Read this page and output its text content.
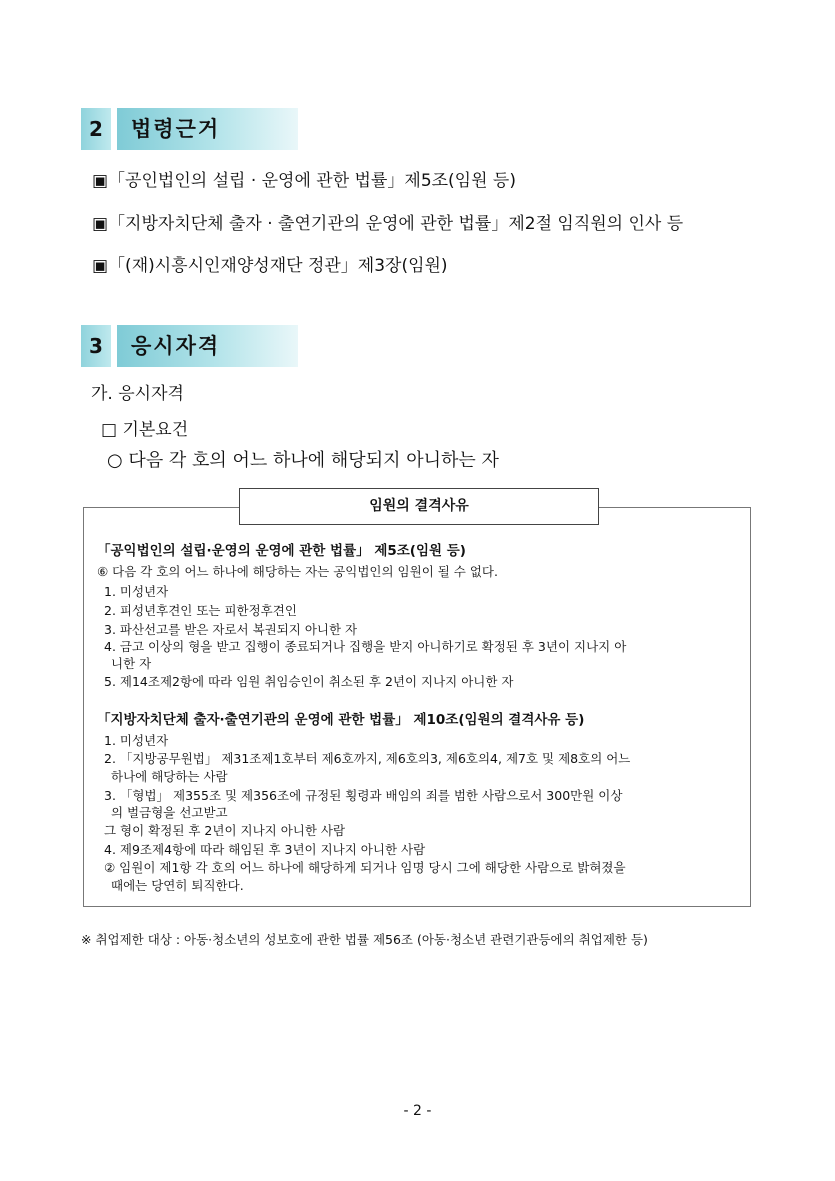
2	법령근거
▣「공인법인의 설립 · 운영에 관한 법률」제5조(임원 등)
▣「지방자치단체 출자 · 출연기관의 운영에 관한 법률」제2절 임직원의 인사 등
▣「(재)시흥시인재양성재단 정관」제3장(임원)
3	응시자격
가. 응시자격
□ 기본요건
○ 다음 각 호의 어느 하나에 해당되지 아니하는 자
임원의 결격사유
「공익법인의 설립·운영의 운영에 관한 법률」 제5조(임원 등)
⑥ 다음 각 호의 어느 하나에 해당하는 자는 공익법인의 임원이 될 수 없다.
1. 미성년자
2. 피성년후견인 또는 피한정후견인
3. 파산선고를 받은 자로서 복권되지 아니한 자
4. 금고 이상의 형을 받고 집행이 종료되거나 집행을 받지 아니하기로 확정된 후 3년이 지나지 아
니한 자
5. 제14조제2항에 따라 임원 취임승인이 취소된 후 2년이 지나지 아니한 자
「지방자치단체 출자·출연기관의 운영에 관한 법률」 제10조(임원의 결격사유 등)
1. 미성년자
2. 「지방공무원법」 제31조제1호부터 제6호까지, 제6호의3, 제6호의4, 제7호 및 제8호의 어느
하나에 해당하는 사람
3. 「형법」 제355조 및 제356조에 규정된 횡령과 배임의 죄를 범한 사람으로서 300만원 이상
의 벌금형을 선고받고
그 형이 확정된 후 2년이 지나지 아니한 사람
4. 제9조제4항에 따라 해임된 후 3년이 지나지 아니한 사람
② 임원이 제1항 각 호의 어느 하나에 해당하게 되거나 임명 당시 그에 해당한 사람으로 밝혀졌을
때에는 당연히 퇴직한다.
※ 취업제한 대상 : 아동·청소년의 성보호에 관한 법률 제56조 (아동·청소년 관련기관등에의 취업제한 등)
- 2 -
